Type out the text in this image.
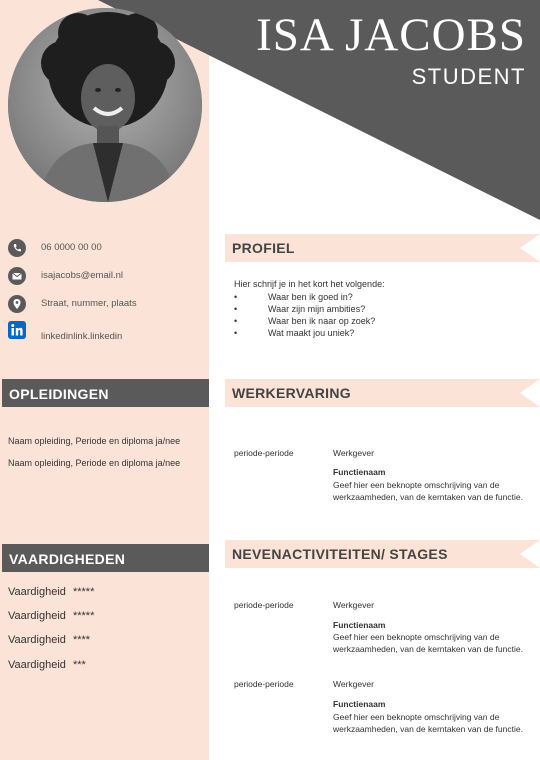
ISA JACOBS
STUDENT
06 0000 00 00
isajacobs@email.nl
Straat, nummer, plaats
linkedinlink.linkedin
OPLEIDINGEN
Naam opleiding, Periode en diploma ja/nee
Naam opleiding, Periode en diploma ja/nee
VAARDIGHEDEN
Vaardigheid *****
Vaardigheid *****
Vaardigheid ****
Vaardigheid ***
PROFIEL
Hier schrijf je in het kort het volgende:
•	Waar ben ik goed in?
•	Waar zijn mijn ambities?
•	Waar ben ik naar op zoek?
•	Wat maakt jou uniek?
WERKERVARING
periode-periode	Werkgever
Functienaam
Geef hier een beknopte omschrijving van de werkzaamheden, van de kerntaken van de functie.
NEVENACTIVITEITEN/ STAGES
periode-periode	Werkgever
Functienaam
Geef hier een beknopte omschrijving van de werkzaamheden, van de kerntaken van de functie.
periode-periode	Werkgever
Functienaam
Geef hier een beknopte omschrijving van de werkzaamheden, van de kerntaken van de functie.
